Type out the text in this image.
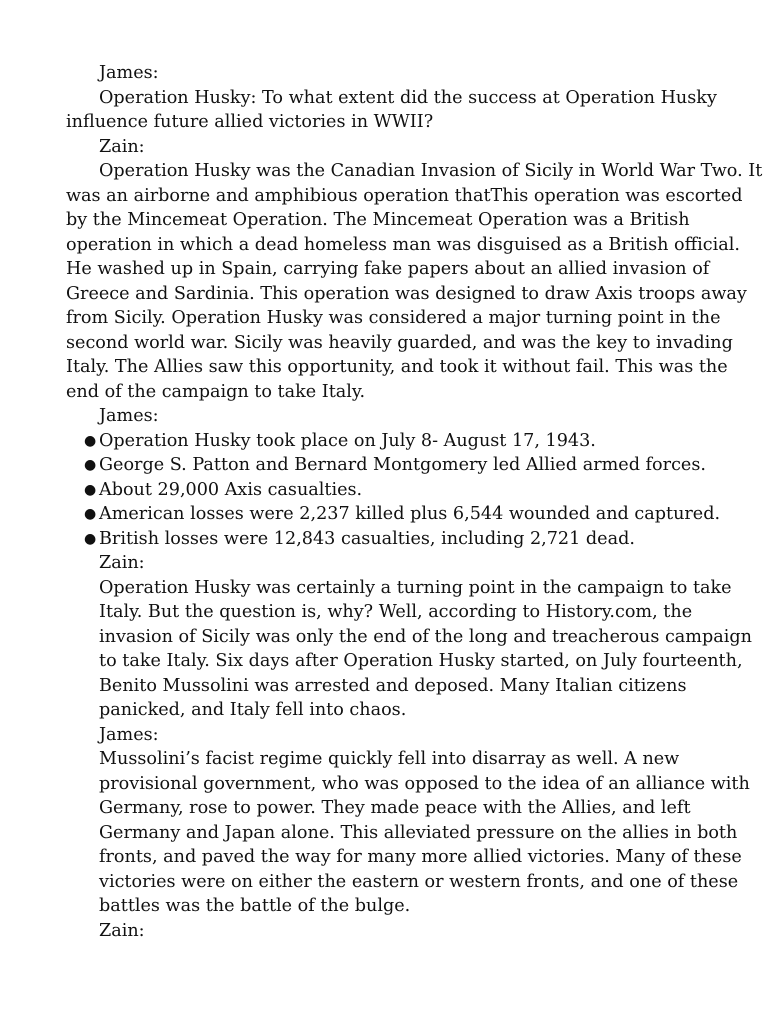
James:

Operation Husky: To what extent did the success at Operation Husky influence future allied victories in WWII?

Zain:

Operation Husky was the Canadian Invasion of Sicily in World War Two. It was an airborne and amphibious operation thatThis operation was escorted by the Mincemeat Operation. The Mincemeat Operation was a British operation in which a dead homeless man was disguised as a British official. He washed up in Spain, carrying fake papers about an allied invasion of Greece and Sardinia. This operation was designed to draw Axis troops away from Sicily. Operation Husky was considered a major turning point in the second world war. Sicily was heavily guarded, and was the key to invading Italy. The Allies saw this opportunity, and took it without fail. This was the end of the campaign to take Italy.

James:
● Operation Husky took place on July 8- August 17, 1943.
● George S. Patton and Bernard Montgomery led Allied armed forces.
● About 29,000 Axis casualties.
● American losses were 2,237 killed plus 6,544 wounded and captured.
● British losses were 12,843 casualties, including 2,721 dead.
Zain:

Operation Husky was certainly a turning point in the campaign to take Italy. But the question is, why? Well, according to History.com, the invasion of Sicily was only the end of the long and treacherous campaign to take Italy. Six days after Operation Husky started, on July fourteenth, Benito Mussolini was arrested and deposed. Many Italian citizens panicked, and Italy fell into chaos.

James:

Mussolini’s facist regime quickly fell into disarray as well. A new provisional government, who was opposed to the idea of an alliance with Germany, rose to power. They made peace with the Allies, and left Germany and Japan alone. This alleviated pressure on the allies in both fronts, and paved the way for many more allied victories. Many of these victories were on either the eastern or western fronts, and one of these battles was the battle of the bulge.

Zain:
